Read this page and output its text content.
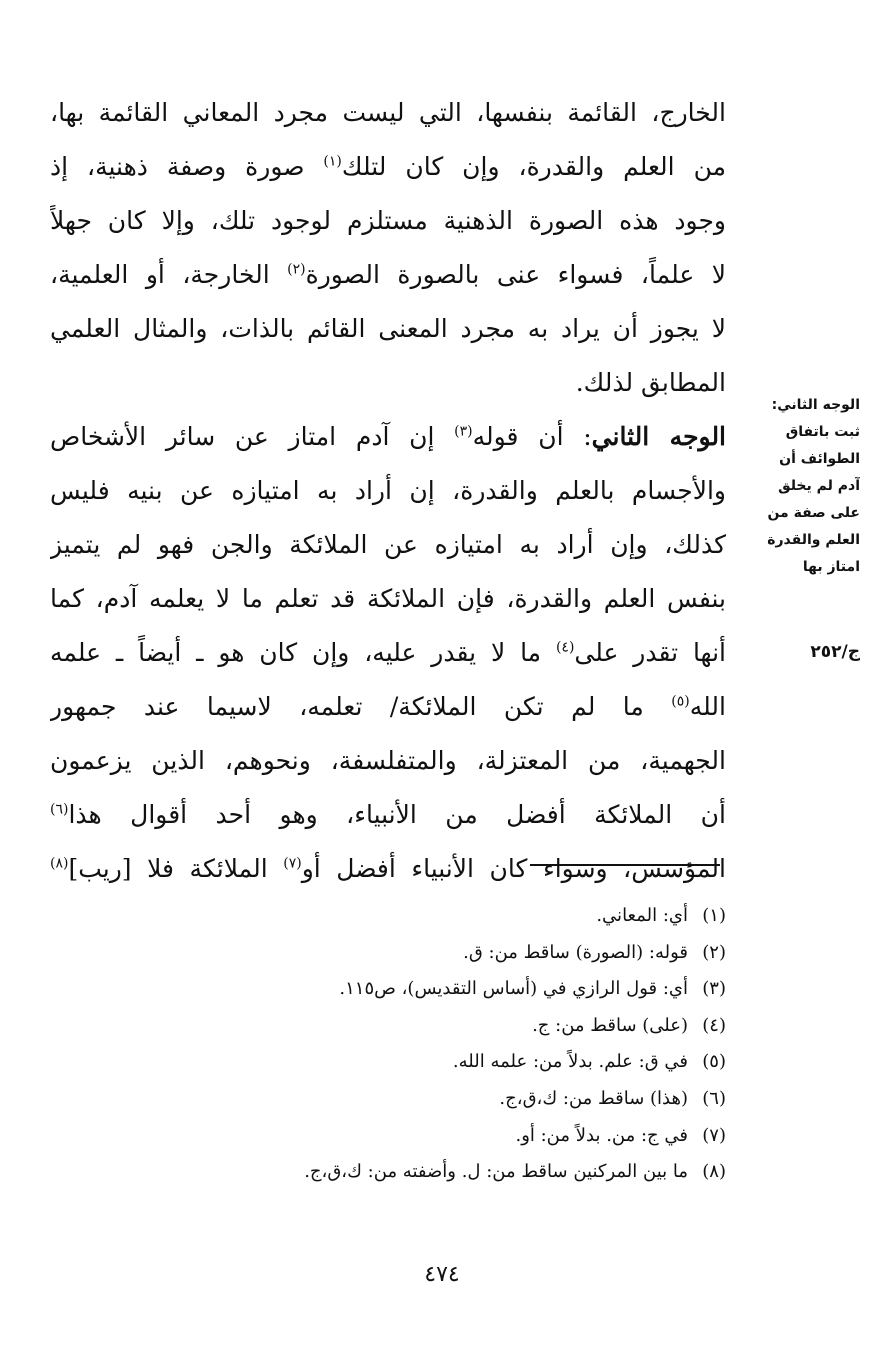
الخارج، القائمة بنفسها، التي ليست مجرد المعاني القائمة بها،
من العلم والقدرة، وإن كان لتلك$^{(١)}$ صورة وصفة ذهنية، إذ
وجود هذه الصورة الذهنية مستلزم لوجود تلك، وإلا كان جهلاً
لا علماً، فسواء عنى بالصورة الصورة$^{(٢)}$ الخارجة، أو العلمية،
لا يجوز أن يراد به مجرد المعنى القائم بالذات، والمثال العلمي
المطابق لذلك.
الوجه الثاني: أن قوله$^{(٣)}$ إن آدم امتاز عن سائر الأشخاص
والأجسام بالعلم والقدرة، إن أراد به امتيازه عن بنيه فليس
كذلك، وإن أراد به امتيازه عن الملائكة والجن فهو لم يتميز
بنفس العلم والقدرة، فإن الملائكة قد تعلم ما لا يعلمه آدم، كما
أنها تقدر على$^{(٤)}$ ما لا يقدر عليه، وإن كان هو ـ أيضاً ـ علمه
الله$^{(٥)}$ ما لم تكن الملائكة/ تعلمه، لاسيما عند جمهور
الجهمية، من المعتزلة، والمتفلسفة، ونحوهم، الذين يزعمون
أن الملائكة أفضل من الأنبياء، وهو أحد أقوال هذا$^{(٦)}$
المؤسس، وسواء كان الأنبياء أفضل أو$^{(٧)}$ الملائكة فلا [ريب]$^{(٨)}$
الوجه الثاني:
ثبت باتفاق
الطوائف أن
آدم لم يخلق
على صفة من
العلم والقدرة
امتاز بها
ج/٢٥٢
(١)أي: المعاني.
(٢)قوله: (الصورة) ساقط من: ق.
(٣)أي: قول الرازي في (أساس التقديس)، ص١١٥.
(٤)(على) ساقط من: ج.
(٥)في ق: علم. بدلاً من: علمه الله.
(٦)(هذا) ساقط من: ك،ق،ج.
(٧)في ج: من. بدلاً من: أو.
(٨)ما بين المركنين ساقط من: ل. وأضفته من: ك،ق،ج.
٤٧٤
